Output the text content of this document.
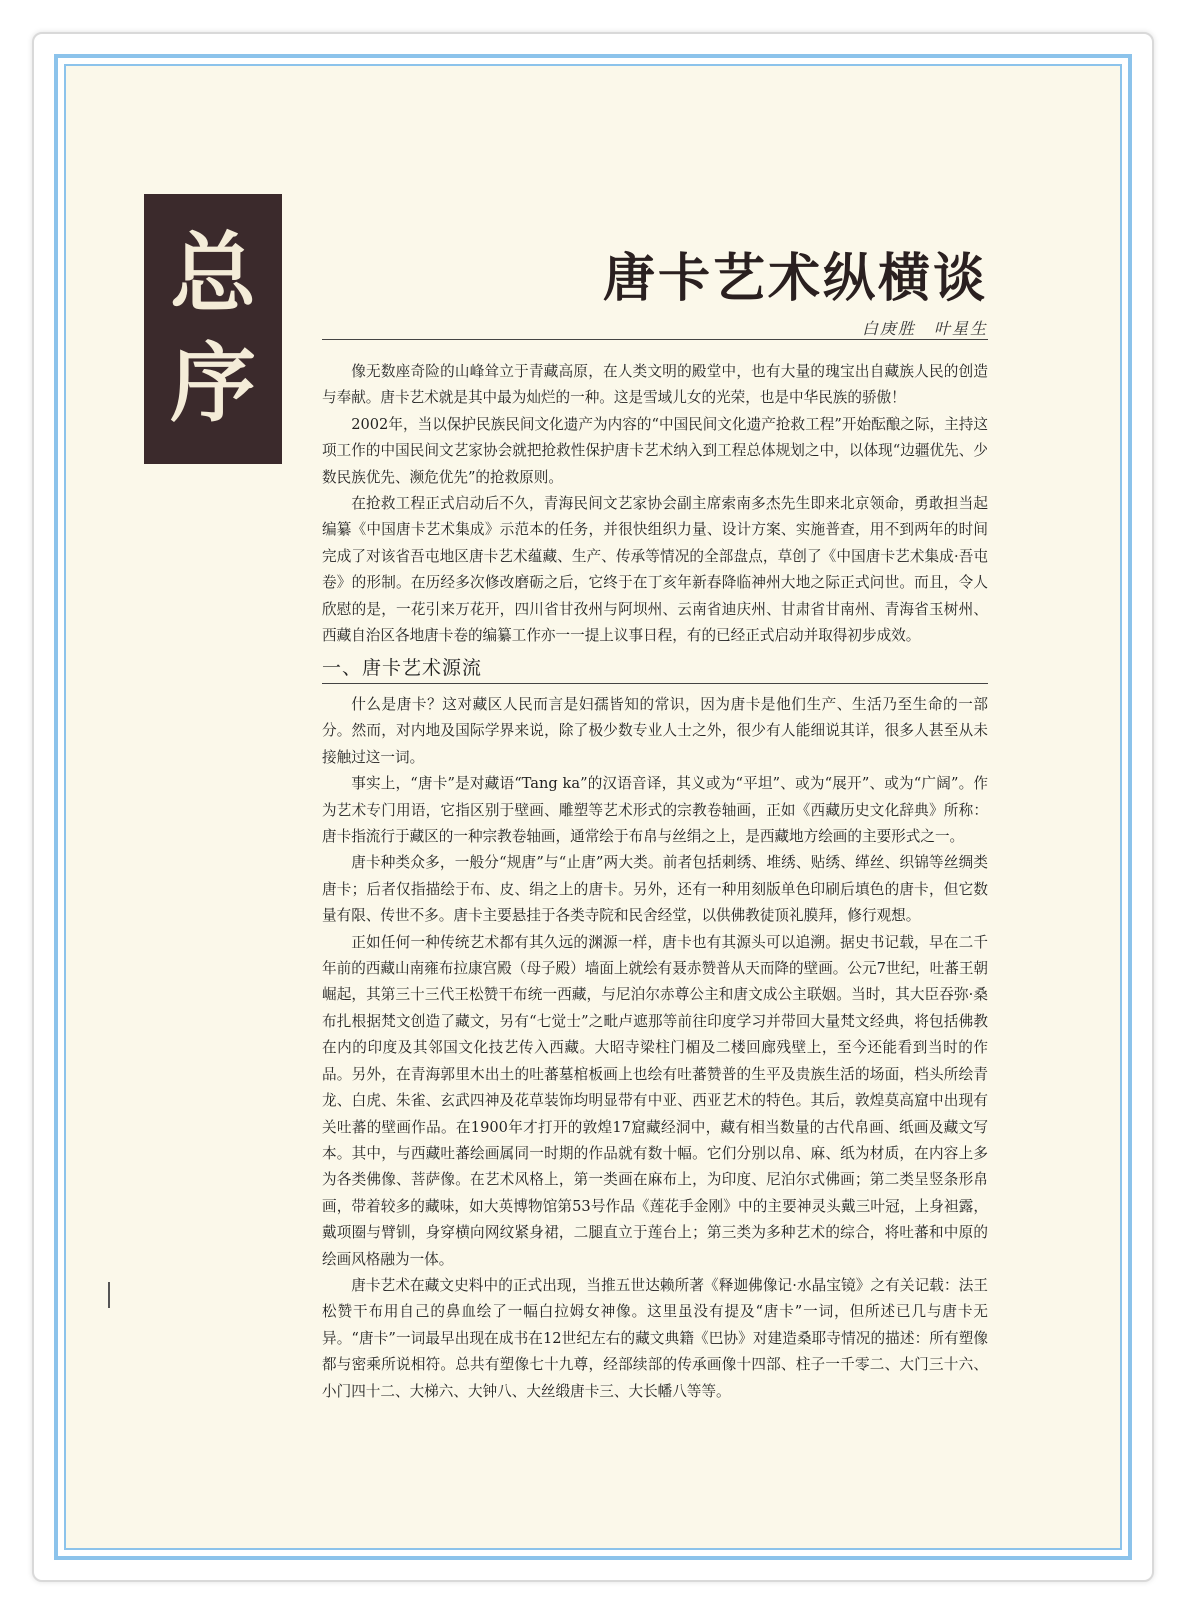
总
序
唐卡艺术纵横谈
白庚胜　叶星生

像无数座奇险的山峰耸立于青藏高原，在人类文明的殿堂中，也有大量的瑰宝出自藏族人民的创造与奉献。唐卡艺术就是其中最为灿烂的一种。这是雪域儿女的光荣，也是中华民族的骄傲！

2002年，当以保护民族民间文化遗产为内容的“中国民间文化遗产抢救工程”开始酝酿之际，主持这项工作的中国民间文艺家协会就把抢救性保护唐卡艺术纳入到工程总体规划之中，以体现“边疆优先、少数民族优先、濒危优先”的抢救原则。

在抢救工程正式启动后不久，青海民间文艺家协会副主席索南多杰先生即来北京领命，勇敢担当起编纂《中国唐卡艺术集成》示范本的任务，并很快组织力量、设计方案、实施普查，用不到两年的时间完成了对该省吾屯地区唐卡艺术蕴藏、生产、传承等情况的全部盘点，草创了《中国唐卡艺术集成·吾屯卷》的形制。在历经多次修改磨砺之后，它终于在丁亥年新春降临神州大地之际正式问世。而且，令人欣慰的是，一花引来万花开，四川省甘孜州与阿坝州、云南省迪庆州、甘肃省甘南州、青海省玉树州、西藏自治区各地唐卡卷的编纂工作亦一一提上议事日程，有的已经正式启动并取得初步成效。

一、唐卡艺术源流

什么是唐卡？这对藏区人民而言是妇孺皆知的常识，因为唐卡是他们生产、生活乃至生命的一部分。然而，对内地及国际学界来说，除了极少数专业人士之外，很少有人能细说其详，很多人甚至从未接触过这一词。

事实上，“唐卡”是对藏语“Tang ka”的汉语音译，其义或为“平坦”、或为“展开”、或为“广阔”。作为艺术专门用语，它指区别于壁画、雕塑等艺术形式的宗教卷轴画，正如《西藏历史文化辞典》所称：唐卡指流行于藏区的一种宗教卷轴画，通常绘于布帛与丝绢之上，是西藏地方绘画的主要形式之一。

唐卡种类众多，一般分“规唐”与“止唐”两大类。前者包括刺绣、堆绣、贴绣、缂丝、织锦等丝绸类唐卡；后者仅指描绘于布、皮、绢之上的唐卡。另外，还有一种用刻版单色印刷后填色的唐卡，但它数量有限、传世不多。唐卡主要悬挂于各类寺院和民舍经堂，以供佛教徒顶礼膜拜，修行观想。

正如任何一种传统艺术都有其久远的渊源一样，唐卡也有其源头可以追溯。据史书记载，早在二千年前的西藏山南雍布拉康宫殿（母子殿）墙面上就绘有聂赤赞普从天而降的壁画。公元7世纪，吐蕃王朝崛起，其第三十三代王松赞干布统一西藏，与尼泊尔赤尊公主和唐文成公主联姻。当时，其大臣吞弥·桑布扎根据梵文创造了藏文，另有“七觉士”之毗卢遮那等前往印度学习并带回大量梵文经典，将包括佛教在内的印度及其邻国文化技艺传入西藏。大昭寺梁柱门楣及二楼回廊残壁上，至今还能看到当时的作品。另外，在青海郭里木出土的吐蕃墓棺板画上也绘有吐蕃赞普的生平及贵族生活的场面，档头所绘青龙、白虎、朱雀、玄武四神及花草装饰均明显带有中亚、西亚艺术的特色。其后，敦煌莫高窟中出现有关吐蕃的壁画作品。在1900年才打开的敦煌17窟藏经洞中，藏有相当数量的古代帛画、纸画及藏文写本。其中，与西藏吐蕃绘画属同一时期的作品就有数十幅。它们分别以帛、麻、纸为材质，在内容上多为各类佛像、菩萨像。在艺术风格上，第一类画在麻布上，为印度、尼泊尔式佛画；第二类呈竖条形帛画，带着较多的藏味，如大英博物馆第53号作品《莲花手金刚》中的主要神灵头戴三叶冠，上身袒露，戴项圈与臂钏，身穿横向网纹紧身裙，二腿直立于莲台上；第三类为多种艺术的综合，将吐蕃和中原的绘画风格融为一体。

唐卡艺术在藏文史料中的正式出现，当推五世达赖所著《释迦佛像记·水晶宝镜》之有关记载：法王松赞干布用自己的鼻血绘了一幅白拉姆女神像。这里虽没有提及“唐卡”一词，但所述已几与唐卡无异。“唐卡”一词最早出现在成书在12世纪左右的藏文典籍《巴协》对建造桑耶寺情况的描述：所有塑像都与密乘所说相符。总共有塑像七十九尊，经部续部的传承画像十四部、柱子一千零二、大门三十六、小门四十二、大梯六、大钟八、大丝缎唐卡三、大长幡八等等。
